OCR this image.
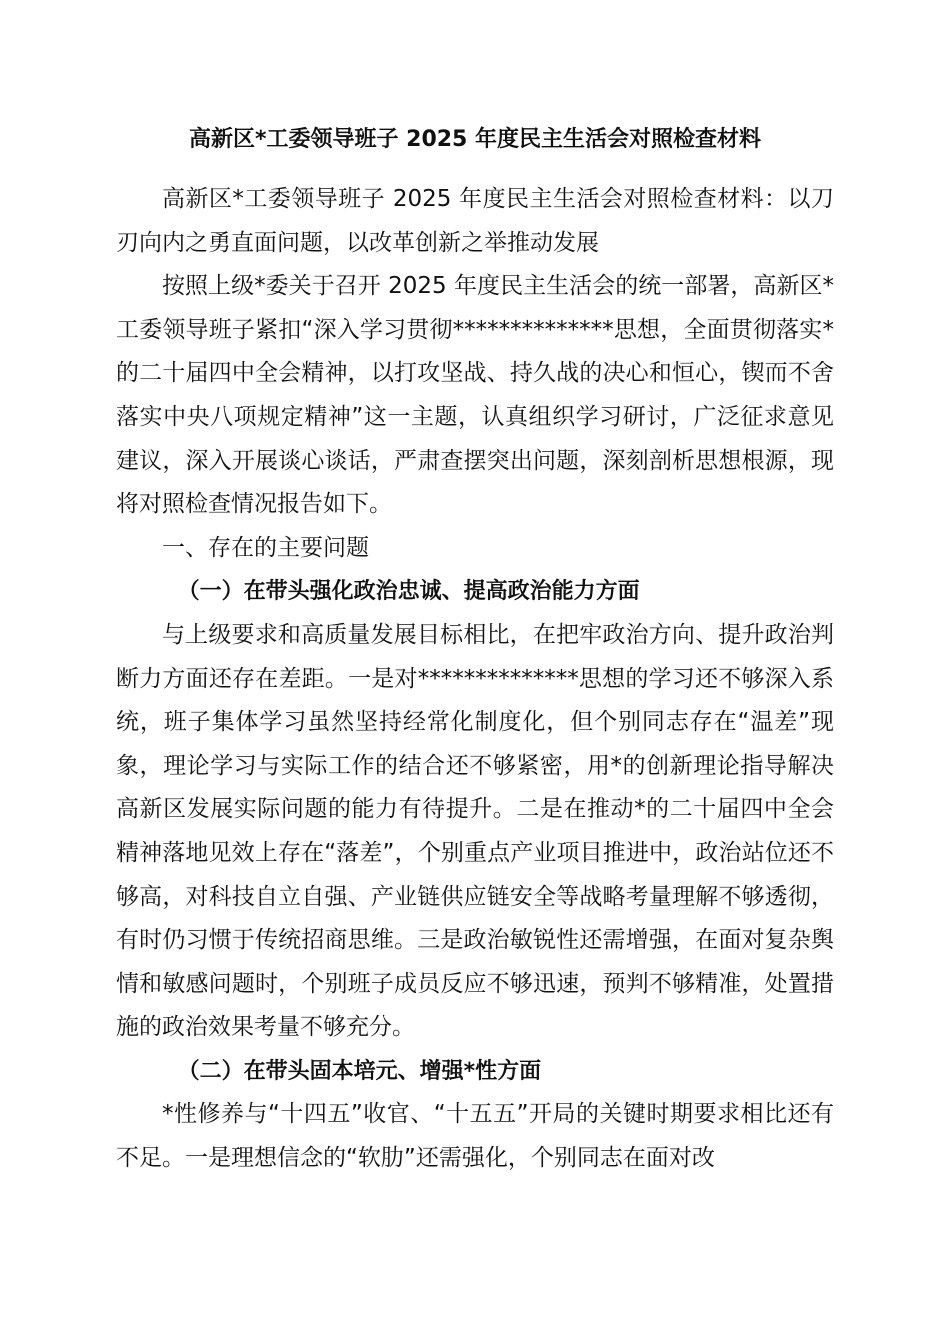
高新区*工委领导班子 2025 年度民主生活会对照检查材料

高新区*工委领导班子 2025 年度民主生活会对照检查材料：以刀刃向内之勇直面问题，以改革创新之举推动发展

按照上级*委关于召开 2025 年度民主生活会的统一部署，高新区*工委领导班子紧扣“深入学习贯彻**************思想，全面贯彻落实*的二十届四中全会精神，以打攻坚战、持久战的决心和恒心，锲而不舍落实中央八项规定精神”这一主题，认真组织学习研讨，广泛征求意见建议，深入开展谈心谈话，严肃查摆突出问题，深刻剖析思想根源，现将对照检查情况报告如下。

一、存在的主要问题

（一）在带头强化政治忠诚、提高政治能力方面

与上级要求和高质量发展目标相比，在把牢政治方向、提升政治判断力方面还存在差距。一是对**************思想的学习还不够深入系统，班子集体学习虽然坚持经常化制度化，但个别同志存在“温差”现象，理论学习与实际工作的结合还不够紧密，用*的创新理论指导解决高新区发展实际问题的能力有待提升。二是在推动*的二十届四中全会精神落地见效上存在“落差”，个别重点产业项目推进中，政治站位还不够高，对科技自立自强、产业链供应链安全等战略考量理解不够透彻，有时仍习惯于传统招商思维。三是政治敏锐性还需增强，在面对复杂舆情和敏感问题时，个别班子成员反应不够迅速，预判不够精准，处置措施的政治效果考量不够充分。

（二）在带头固本培元、增强*性方面

*性修养与“十四五”收官、“十五五”开局的关键时期要求相比还有不足。一是理想信念的“软肋”还需强化，个别同志在面对改
